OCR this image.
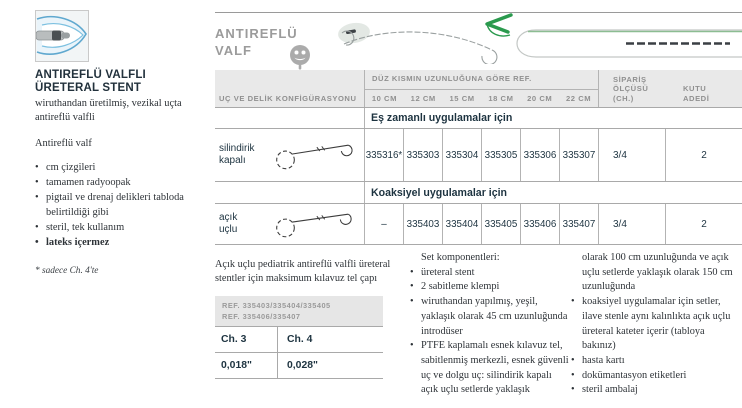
ANTIREFLÜ VALFLI
ÜRETERAL STENT
wiruthandan üretilmiş, vezikal uçta antireflü valfli
Antireflü valf
• cm çizgileri
• tamamen radyoopak
• pigtail ve drenaj delikleri tabloda belirtildiği gibi
• steril, tek kullanım
• lateks içermez
* sadece Ch. 4'te
ANTIREFLÜ
VALF
UÇ VE DELİK KONFİGÜRASYONU
DÜZ KISMIN UZUNLUĞUNA GÖRE REF.
10 CM	12 CM	15 CM	18 CM	20 CM	22 CM
SİPARİŞ
ÖLÇÜSÜ (CH.)
KUTU
ADEDİ
Eş zamanlı uygulamalar için
silindirik
kapalı	335316* 335303 335304 335305 335306 335307	3/4	2
Koaksiyel uygulamalar için
açık
uçlu	–	335403 335404 335405 335406 335407	3/4	2
Açık uçlu pediatrik antireflü valfli üreteral stentler için maksimum kılavuz tel çapı
REF. 335403/335404/335405
REF. 335406/335407
Ch. 3	Ch. 4
0,018"	0,028"
Set komponentleri:
• üreteral stent
• 2 sabitleme klempi
• wiruthandan yapılmış, yeşil, yaklaşık olarak 45 cm uzunluğunda introdüser
• PTFE kaplamalı esnek kılavuz tel, sabitlenmiş merkezli, esnek güvenli uç ve dolgu uç: silindirik kapalı açık uçlu setlerde yaklaşık
olarak 100 cm uzunluğunda ve açık uçlu setlerde yaklaşık olarak 150 cm uzunluğunda
• koaksiyel uygulamalar için setler, ilave stenle aynı kalınlıkta açık uçlu üreteral kateter içerir (tabloya bakınız)
• hasta kartı
• dokümantasyon etiketleri
• steril ambalaj
